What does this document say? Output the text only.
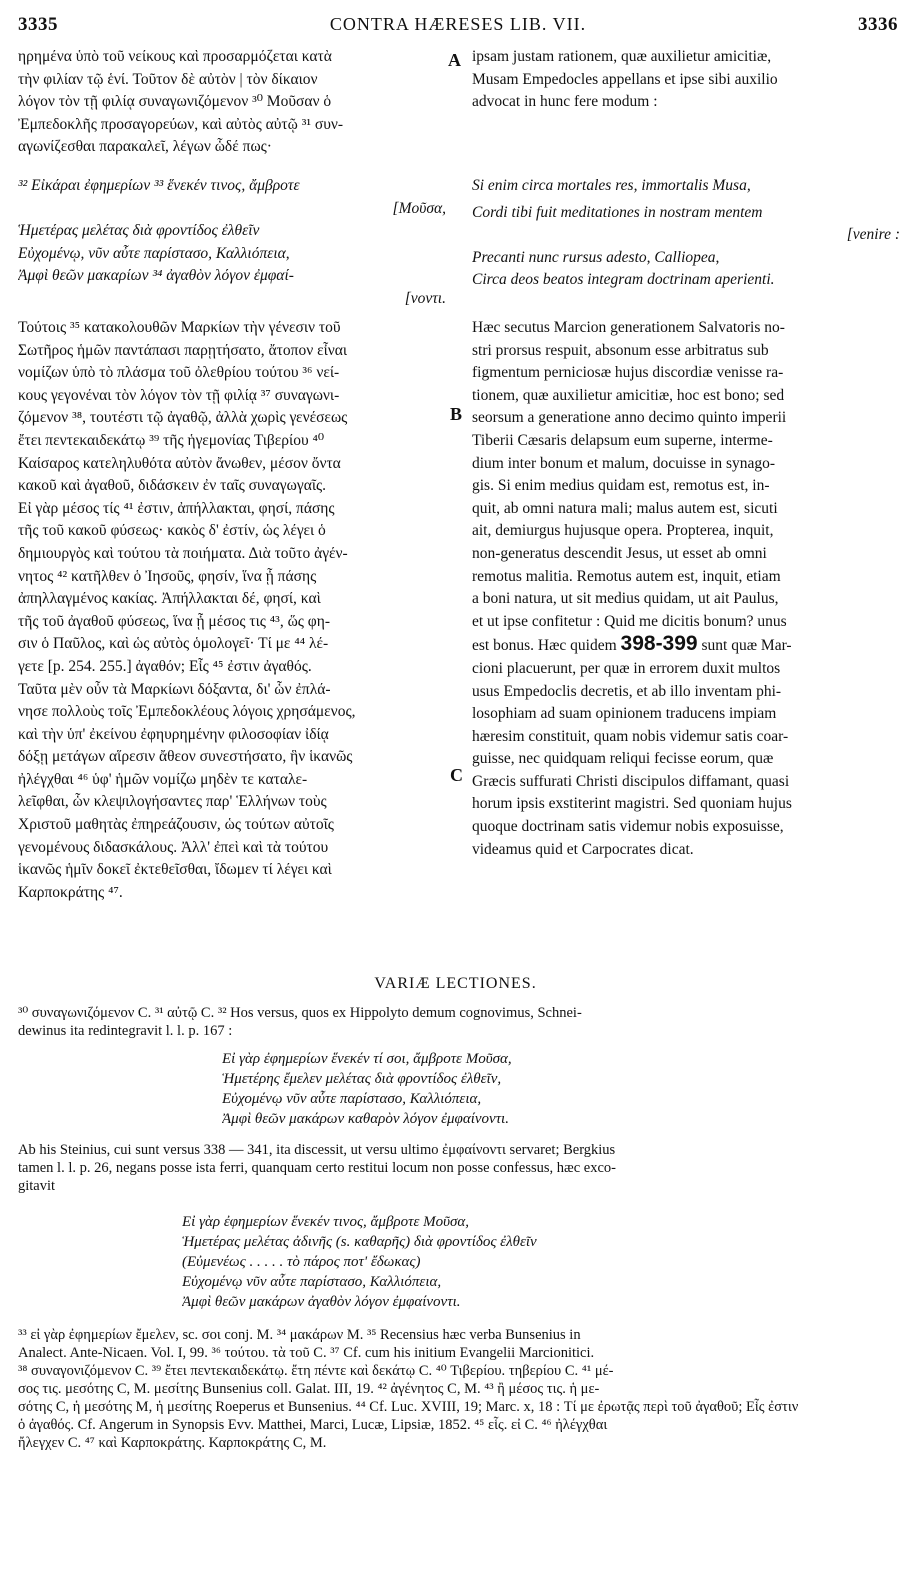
3335	CONTRA HÆRESES LIB. VII.	3336
A
B
C
ηρημένα ὑπὸ τοῦ νείκους καὶ προσαρμόζεται κατὰ
τὴν φιλίαν τῷ ἑνί. Τοῦτον δὲ αὐτὸν | τὸν δίκαιον
λόγον τὸν τῇ φιλίᾳ συναγωνιζόμενον ³⁰ Μοῦσαν ὁ
Ἐμπεδοκλῆς προσαγορεύων, καὶ αὐτὸς αὐτῷ ³¹ συν-
αγωνίζεσθαι παρακαλεῖ, λέγων ὧδέ πως·
³² Εἰκάραι ἐφημερίων ³³ ἕνεκέν τινος, ἄμβροτε
[Μοῦσα,
Ἡμετέρας μελέτας διὰ φροντίδος ἐλθεῖν
Εὐχομένῳ, νῦν αὖτε παρίστασο, Καλλιόπεια,
Ἀμφὶ θεῶν μακαρίων ³⁴ ἀγαθὸν λόγον ἐμφαί-
[νοντι.
Τούτοις ³⁵ κατακολουθῶν Μαρκίων τὴν γένεσιν τοῦ
Σωτῆρος ἡμῶν παντάπασι παρῃτήσατο, ἄτοπον εἶναι
νομίζων ὑπὸ τὸ πλάσμα τοῦ ὀλεθρίου τούτου ³⁶ νεί-
κους γεγονέναι τὸν λόγον τὸν τῇ φιλίᾳ ³⁷ συναγωνι-
ζόμενον ³⁸, τουτέστι τῷ ἀγαθῷ, ἀλλὰ χωρὶς γενέσεως
ἔτει πεντεκαιδεκάτῳ ³⁹ τῆς ἡγεμονίας Τιβερίου ⁴⁰
Καίσαρος κατεληλυθότα αὐτὸν ἄνωθεν, μέσον ὄντα
κακοῦ καὶ ἀγαθοῦ, διδάσκειν ἐν ταῖς συναγωγαῖς.
Εἰ γὰρ μέσος τίς ⁴¹ ἐστιν, ἀπήλλακται, φησί, πάσης
τῆς τοῦ κακοῦ φύσεως· κακὸς δ' ἐστίν, ὡς λέγει ὁ
δημιουργὸς καὶ τούτου τὰ ποιήματα. Διὰ τοῦτο ἀγέν-
νητος ⁴² κατῆλθεν ὁ Ἰησοῦς, φησίν, ἵνα ᾖ πάσης
ἀπηλλαγμένος κακίας. Ἀπήλλακται δέ, φησί, καὶ
τῆς τοῦ ἀγαθοῦ φύσεως, ἵνα ᾖ μέσος τις ⁴³, ὥς φη-
σιν ὁ Παῦλος, καὶ ὡς αὐτὸς ὁμολογεῖ· Τί με ⁴⁴ λέ-
γετε [p. 254. 255.] ἀγαθόν; Εἷς ⁴⁵ ἐστιν ἀγαθός.
Ταῦτα μὲν οὖν τὰ Μαρκίωνι δόξαντα, δι' ὧν ἐπλά-
νησε πολλοὺς τοῖς Ἐμπεδοκλέους λόγοις χρησάμενος,
καὶ τὴν ὑπ' ἐκείνου ἐφηυρημένην φιλοσοφίαν ἰδίᾳ
δόξῃ μετάγων αἵρεσιν ἄθεον συνεστήσατο, ἣν ἱκανῶς
ἠλέγχθαι ⁴⁶ ὑφ' ἡμῶν νομίζω μηδὲν τε καταλε-
λεῖφθαι, ὧν κλεψιλογήσαντες παρ' Ἑλλήνων τοὺς
Χριστοῦ μαθητὰς ἐπηρεάζουσιν, ὡς τούτων αὐτοῖς
γενομένους διδασκάλους. Ἀλλ' ἐπεὶ καὶ τὰ τούτου
ἱκανῶς ἡμῖν δοκεῖ ἐκτεθεῖσθαι, ἴδωμεν τί λέγει καὶ
Καρποκράτης ⁴⁷.
ipsam justam rationem, quæ auxilietur amicitiæ,
Musam Empedocles appellans et ipse sibi auxilio
advocat in hunc fere modum :
Si enim circa mortales res, immortalis Musa,
Cordi tibi fuit meditationes in nostram mentem
[venire :
Precanti nunc rursus adesto, Calliopea,
Circa deos beatos integram doctrinam aperienti.
Hæc secutus Marcion generationem Salvatoris no-
stri prorsus respuit, absonum esse arbitratus sub
figmentum perniciosæ hujus discordiæ venisse ra-
tionem, quæ auxilietur amicitiæ, hoc est bono; sed
seorsum a generatione anno decimo quinto imperii
Tiberii Cæsaris delapsum eum superne, interme-
dium inter bonum et malum, docuisse in synago-
gis. Si enim medius quidam est, remotus est, in-
quit, ab omni natura mali; malus autem est, sicuti
ait, demiurgus hujusque opera. Propterea, inquit,
non-generatus descendit Jesus, ut esset ab omni
remotus malitia. Remotus autem est, inquit, etiam
a boni natura, ut sit medius quidam, ut ait Paulus,
et ut ipse confitetur : Quid me dicitis bonum? unus
est bonus. Hæc quidem 398-399 sunt quæ Mar-
cioni placuerunt, per quæ in errorem duxit multos
usus Empedoclis decretis, et ab illo inventam phi-
losophiam ad suam opinionem traducens impiam
hæresim constituit, quam nobis videmur satis coar-
guisse, nec quidquam reliqui fecisse eorum, quæ
Græcis suffurati Christi discipulos diffamant, quasi
horum ipsis exstiterint magistri. Sed quoniam hujus
quoque doctrinam satis videmur nobis exposuisse,
videamus quid et Carpocrates dicat.
VARIÆ LECTIONES.
³⁰ συναγωνιζόμενον C. ³¹ αὐτῷ C. ³² Hos versus, quos ex Hippolyto demum cognovimus, Schnei-
dewinus ita redintegravit l. l. p. 167 :
Εἰ γὰρ ἐφημερίων ἕνεκέν τί σοι, ἄμβροτε Μοῦσα,
Ἡμετέρης ἔμελεν μελέτας διὰ φροντίδος ἐλθεῖν,
Εὐχομένῳ νῦν αὖτε παρίστασο, Καλλιόπεια,
Ἀμφὶ θεῶν μακάρων καθαρὸν λόγον ἐμφαίνοντι.
Ab his Steinius, cui sunt versus 338 — 341, ita discessit, ut versu ultimo ἐμφαίνοντι servaret; Bergkius
tamen l. l. p. 26, negans posse ista ferri, quanquam certo restitui locum non posse confessus, hæc exco-
gitavit
Εἰ γὰρ ἐφημερίων ἕνεκέν τινος, ἄμβροτε Μοῦσα,
Ἡμετέρας μελέτας ἀδινῆς (s. καθαρῆς) διὰ φροντίδος ἐλθεῖν
(Εὐμενέως . . . . . τὸ πάρος ποτ' ἔδωκας)
Εὐχομένῳ νῦν αὖτε παρίστασο, Καλλιόπεια,
Ἀμφὶ θεῶν μακάρων ἀγαθὸν λόγον ἐμφαίνοντι.
³³ εἰ γὰρ ἐφημερίων ἔμελεν, sc. σοι conj. M. ³⁴ μακάρων M. ³⁵ Recensius hæc verba Bunsenius in
Analect. Ante-Nicaen. Vol. I, 99. ³⁶ τούτου. τὰ τοῦ C. ³⁷ Cf. cum his initium Evangelii Marcionitici.
³⁸ συναγονιζόμενον C. ³⁹ ἔτει πεντεκαιδεκάτῳ. ἔτη πέντε καὶ δεκάτῳ C. ⁴⁰ Τιβερίου. τηβερίου C. ⁴¹ μέ-
σος τις. μεσότης C, M. μεσίτης Bunsenius coll. Galat. III, 19. ⁴² ἀγένητος C, M. ⁴³ ἢ μέσος τις. ἡ με-
σότης C, ἡ μεσότης M, ἡ μεσίτης Roeperus et Bunsenius. ⁴⁴ Cf. Luc. XVIII, 19; Marc. x, 18 : Τί με ἐρωτᾷς περὶ τοῦ ἀγαθοῦ; Εἷς ἐστιν
ὁ ἀγαθός. Cf. Angerum in Synopsis Evv. Matthei, Marci, Lucæ, Lipsiæ, 1852. ⁴⁵ εἷς. εἰ C. ⁴⁶ ἠλέγχθαι
ἤλεγχεν C. ⁴⁷ καὶ Καρποκράτης. Καρποκράτης C, M.
